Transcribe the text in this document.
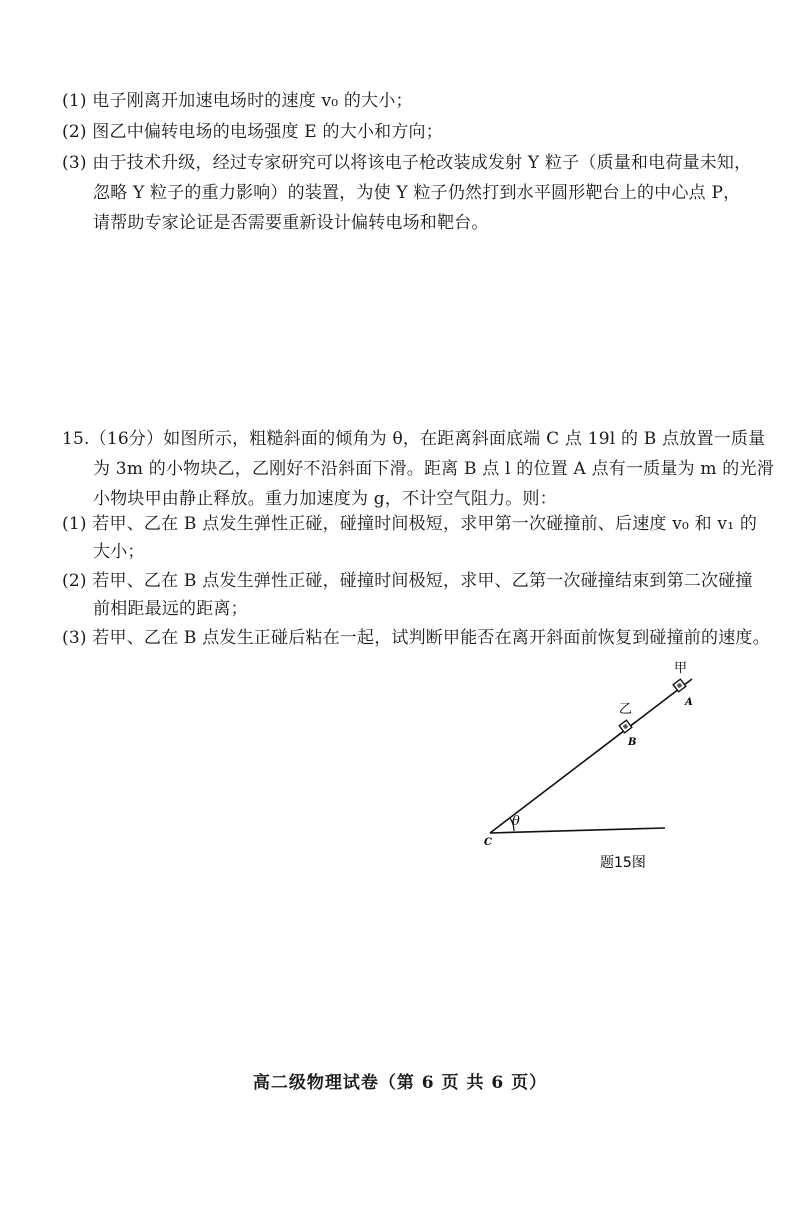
(1) 电子刚离开加速电场时的速度 v₀ 的大小；
(2) 图乙中偏转电场的电场强度 E 的大小和方向；
(3) 由于技术升级，经过专家研究可以将该电子枪改装成发射 Y 粒子（质量和电荷量未知，
忽略 Y 粒子的重力影响）的装置，为使 Y 粒子仍然打到水平圆形靶台上的中心点 P，
请帮助专家论证是否需要重新设计偏转电场和靶台。
15.（16分）如图所示，粗糙斜面的倾角为 θ，在距离斜面底端 C 点 19l 的 B 点放置一质量
为 3m 的小物块乙，乙刚好不沿斜面下滑。距离 B 点 l 的位置 A 点有一质量为 m 的光滑
小物块甲由静止释放。重力加速度为 g，不计空气阻力。则：
(1) 若甲、乙在 B 点发生弹性正碰，碰撞时间极短，求甲第一次碰撞前、后速度 v₀ 和 v₁ 的
大小；
(2) 若甲、乙在 B 点发生弹性正碰，碰撞时间极短，求甲、乙第一次碰撞结束到第二次碰撞
前相距最远的距离；
(3) 若甲、乙在 B 点发生正碰后粘在一起，试判断甲能否在离开斜面前恢复到碰撞前的速度。
θ
甲
A
乙
B
C
题15图
高二级物理试卷（第 6 页 共 6 页）
